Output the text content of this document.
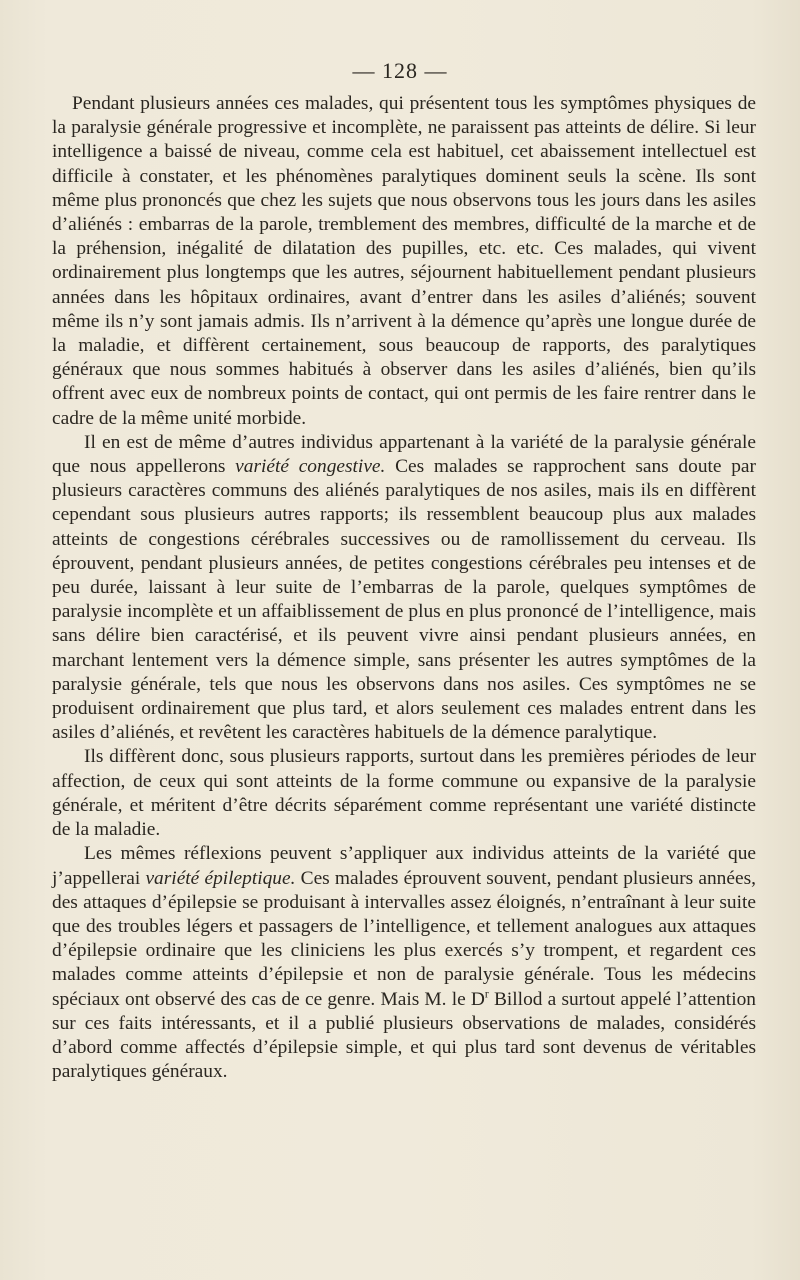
— 128 —

Pendant plusieurs années ces malades, qui présentent tous les symptômes physiques de la paralysie générale progressive et incomplète, ne paraissent pas atteints de délire. Si leur intelligence a baissé de niveau, comme cela est habituel, cet abaissement intellectuel est difficile à constater, et les phénomènes paralytiques dominent seuls la scène. Ils sont même plus prononcés que chez les sujets que nous observons tous les jours dans les asiles d’aliénés : embarras de la parole, tremblement des membres, difficulté de la marche et de la préhension, inégalité de dilatation des pupilles, etc. etc. Ces malades, qui vivent ordinairement plus longtemps que les autres, séjournent habituellement pendant plusieurs années dans les hôpitaux ordinaires, avant d’entrer dans les asiles d’aliénés; souvent même ils n’y sont jamais admis. Ils n’arrivent à la démence qu’après une longue durée de la maladie, et diffèrent certainement, sous beaucoup de rapports, des paralytiques généraux que nous sommes habitués à observer dans les asiles d’aliénés, bien qu’ils offrent avec eux de nombreux points de contact, qui ont permis de les faire rentrer dans le cadre de la même unité morbide.

Il en est de même d’autres individus appartenant à la variété de la paralysie générale que nous appellerons variété congestive. Ces malades se rapprochent sans doute par plusieurs caractères communs des aliénés paralytiques de nos asiles, mais ils en diffèrent cependant sous plusieurs autres rapports; ils ressemblent beaucoup plus aux malades atteints de congestions cérébrales successives ou de ramollissement du cerveau. Ils éprouvent, pendant plusieurs années, de petites congestions cérébrales peu intenses et de peu durée, laissant à leur suite de l’embarras de la parole, quelques symptômes de paralysie incomplète et un affaiblissement de plus en plus prononcé de l’intelligence, mais sans délire bien caractérisé, et ils peuvent vivre ainsi pendant plusieurs années, en marchant lentement vers la démence simple, sans présenter les autres symptômes de la paralysie générale, tels que nous les observons dans nos asiles. Ces symptômes ne se produisent ordinairement que plus tard, et alors seulement ces malades entrent dans les asiles d’aliénés, et revêtent les caractères habituels de la démence paralytique.

Ils diffèrent donc, sous plusieurs rapports, surtout dans les premières périodes de leur affection, de ceux qui sont atteints de la forme commune ou expansive de la paralysie générale, et méritent d’être décrits séparément comme représentant une variété distincte de la maladie.

Les mêmes réflexions peuvent s’appliquer aux individus atteints de la variété que j’appellerai variété épileptique. Ces malades éprouvent souvent, pendant plusieurs années, des attaques d’épilepsie se produisant à intervalles assez éloignés, n’entraînant à leur suite que des troubles légers et passagers de l’intelligence, et tellement analogues aux attaques d’épilepsie ordinaire que les cliniciens les plus exercés s’y trompent, et regardent ces malades comme atteints d’épilepsie et non de paralysie générale. Tous les médecins spéciaux ont observé des cas de ce genre. Mais M. le $D^r$ Billod a surtout appelé l’attention sur ces faits intéressants, et il a publié plusieurs observations de malades, considérés d’abord comme affectés d’épilepsie simple, et qui plus tard sont devenus de véritables paralytiques généraux.
